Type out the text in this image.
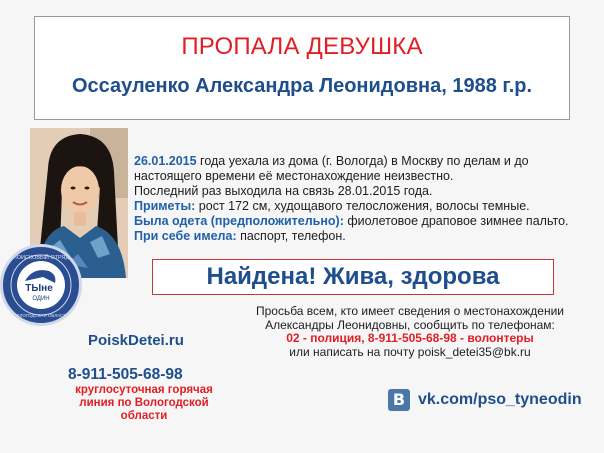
ПРОПАЛА ДЕВУШКА
Оссауленко Александра Леонидовна, 1988 г.р.
ПОИСКОВЫЙ ОТРЯД
ТЫне
ОДИН
ВОЛОГОДСКАЯ ОБЛАСТЬ
26.01.2015 года уехала из дома (г. Вологда) в Москву по делам и до
настоящего времени её местонахождение неизвестно.
Последний раз выходила на связь 28.01.2015 года.
Приметы: рост 172 см, худощавого телосложения, волосы темные.
Была одета (предположительно): фиолетовое драповое зимнее пальто.
При себе имела: паспорт, телефон.
Найдена! Жива, здорова
PoiskDetei.ru
8-911-505-68-98
круглосуточная горячая линия по Вологодской области
Просьба всем, кто имеет сведения о местонахождении
Александры Леонидовны, сообщить по телефонам:
02 - полиция, 8-911-505-68-98 - волонтеры
или написать на почту poisk_detei35@bk.ru
В vk.com/pso_tyneodin
